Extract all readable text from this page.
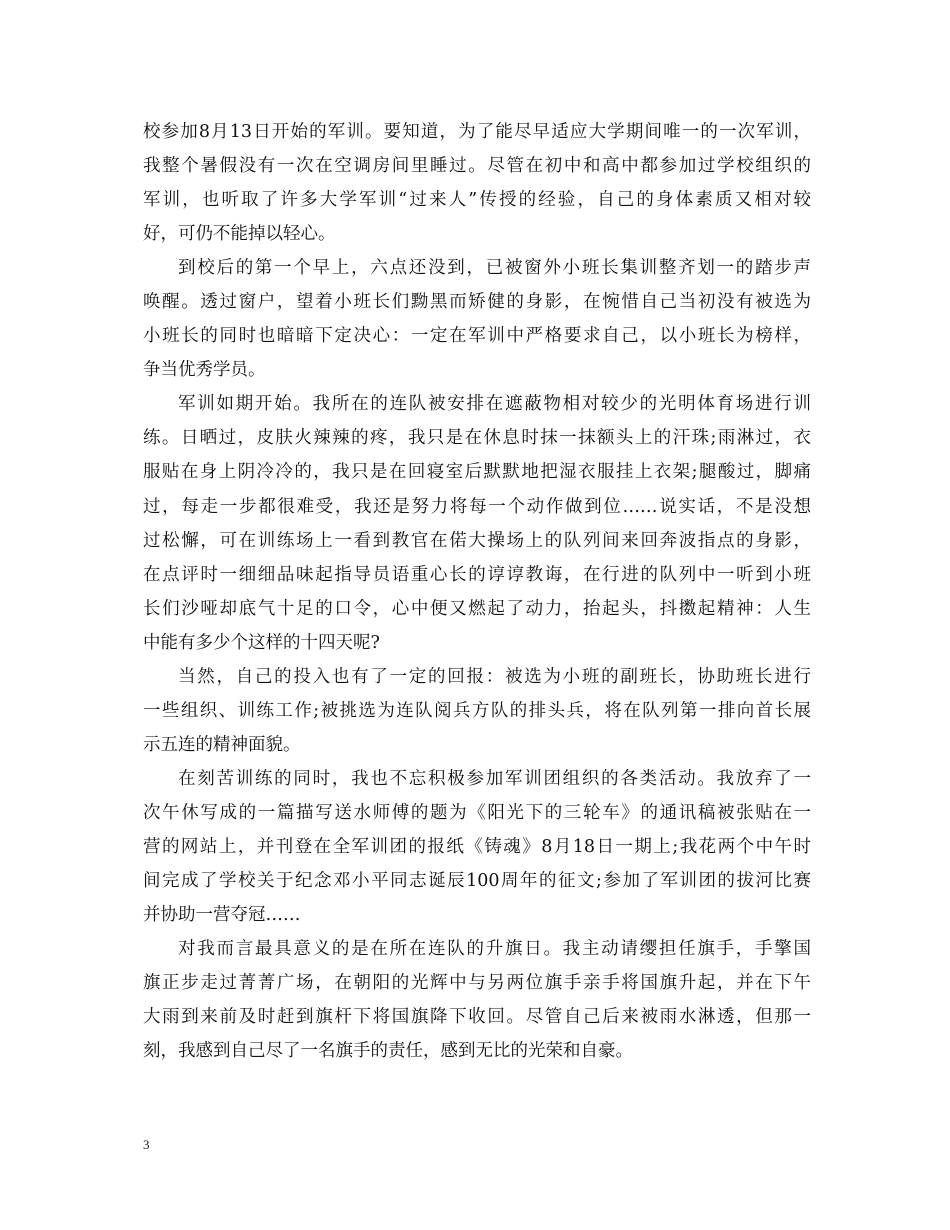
校参加8月13日开始的军训。要知道，为了能尽早适应大学期间唯一的一次军训，
我整个暑假没有一次在空调房间里睡过。尽管在初中和高中都参加过学校组织的
军训，也听取了许多大学军训“过来人”传授的经验，自己的身体素质又相对较
好，可仍不能掉以轻心。
到校后的第一个早上，六点还没到，已被窗外小班长集训整齐划一的踏步声
唤醒。透过窗户，望着小班长们黝黑而矫健的身影，在惋惜自己当初没有被选为
小班长的同时也暗暗下定决心：一定在军训中严格要求自己，以小班长为榜样，
争当优秀学员。
军训如期开始。我所在的连队被安排在遮蔽物相对较少的光明体育场进行训
练。日晒过，皮肤火辣辣的疼，我只是在休息时抹一抹额头上的汗珠;雨淋过，衣
服贴在身上阴冷冷的，我只是在回寝室后默默地把湿衣服挂上衣架;腿酸过，脚痛
过，每走一步都很难受，我还是努力将每一个动作做到位……说实话，不是没想
过松懈，可在训练场上一看到教官在偌大操场上的队列间来回奔波指点的身影，
在点评时一细细品味起指导员语重心长的谆谆教诲，在行进的队列中一听到小班
长们沙哑却底气十足的口令，心中便又燃起了动力，抬起头，抖擞起精神：人生
中能有多少个这样的十四天呢?
当然，自己的投入也有了一定的回报：被选为小班的副班长，协助班长进行
一些组织、训练工作;被挑选为连队阅兵方队的排头兵，将在队列第一排向首长展
示五连的精神面貌。
在刻苦训练的同时，我也不忘积极参加军训团组织的各类活动。我放弃了一
次午休写成的一篇描写送水师傅的题为《阳光下的三轮车》的通讯稿被张贴在一
营的网站上，并刊登在全军训团的报纸《铸魂》8月18日一期上;我花两个中午时
间完成了学校关于纪念邓小平同志诞辰100周年的征文;参加了军训团的拔河比赛
并协助一营夺冠……
对我而言最具意义的是在所在连队的升旗日。我主动请缨担任旗手，手擎国
旗正步走过菁菁广场，在朝阳的光辉中与另两位旗手亲手将国旗升起，并在下午
大雨到来前及时赶到旗杆下将国旗降下收回。尽管自己后来被雨水淋透，但那一
刻，我感到自己尽了一名旗手的责任，感到无比的光荣和自豪。
3
